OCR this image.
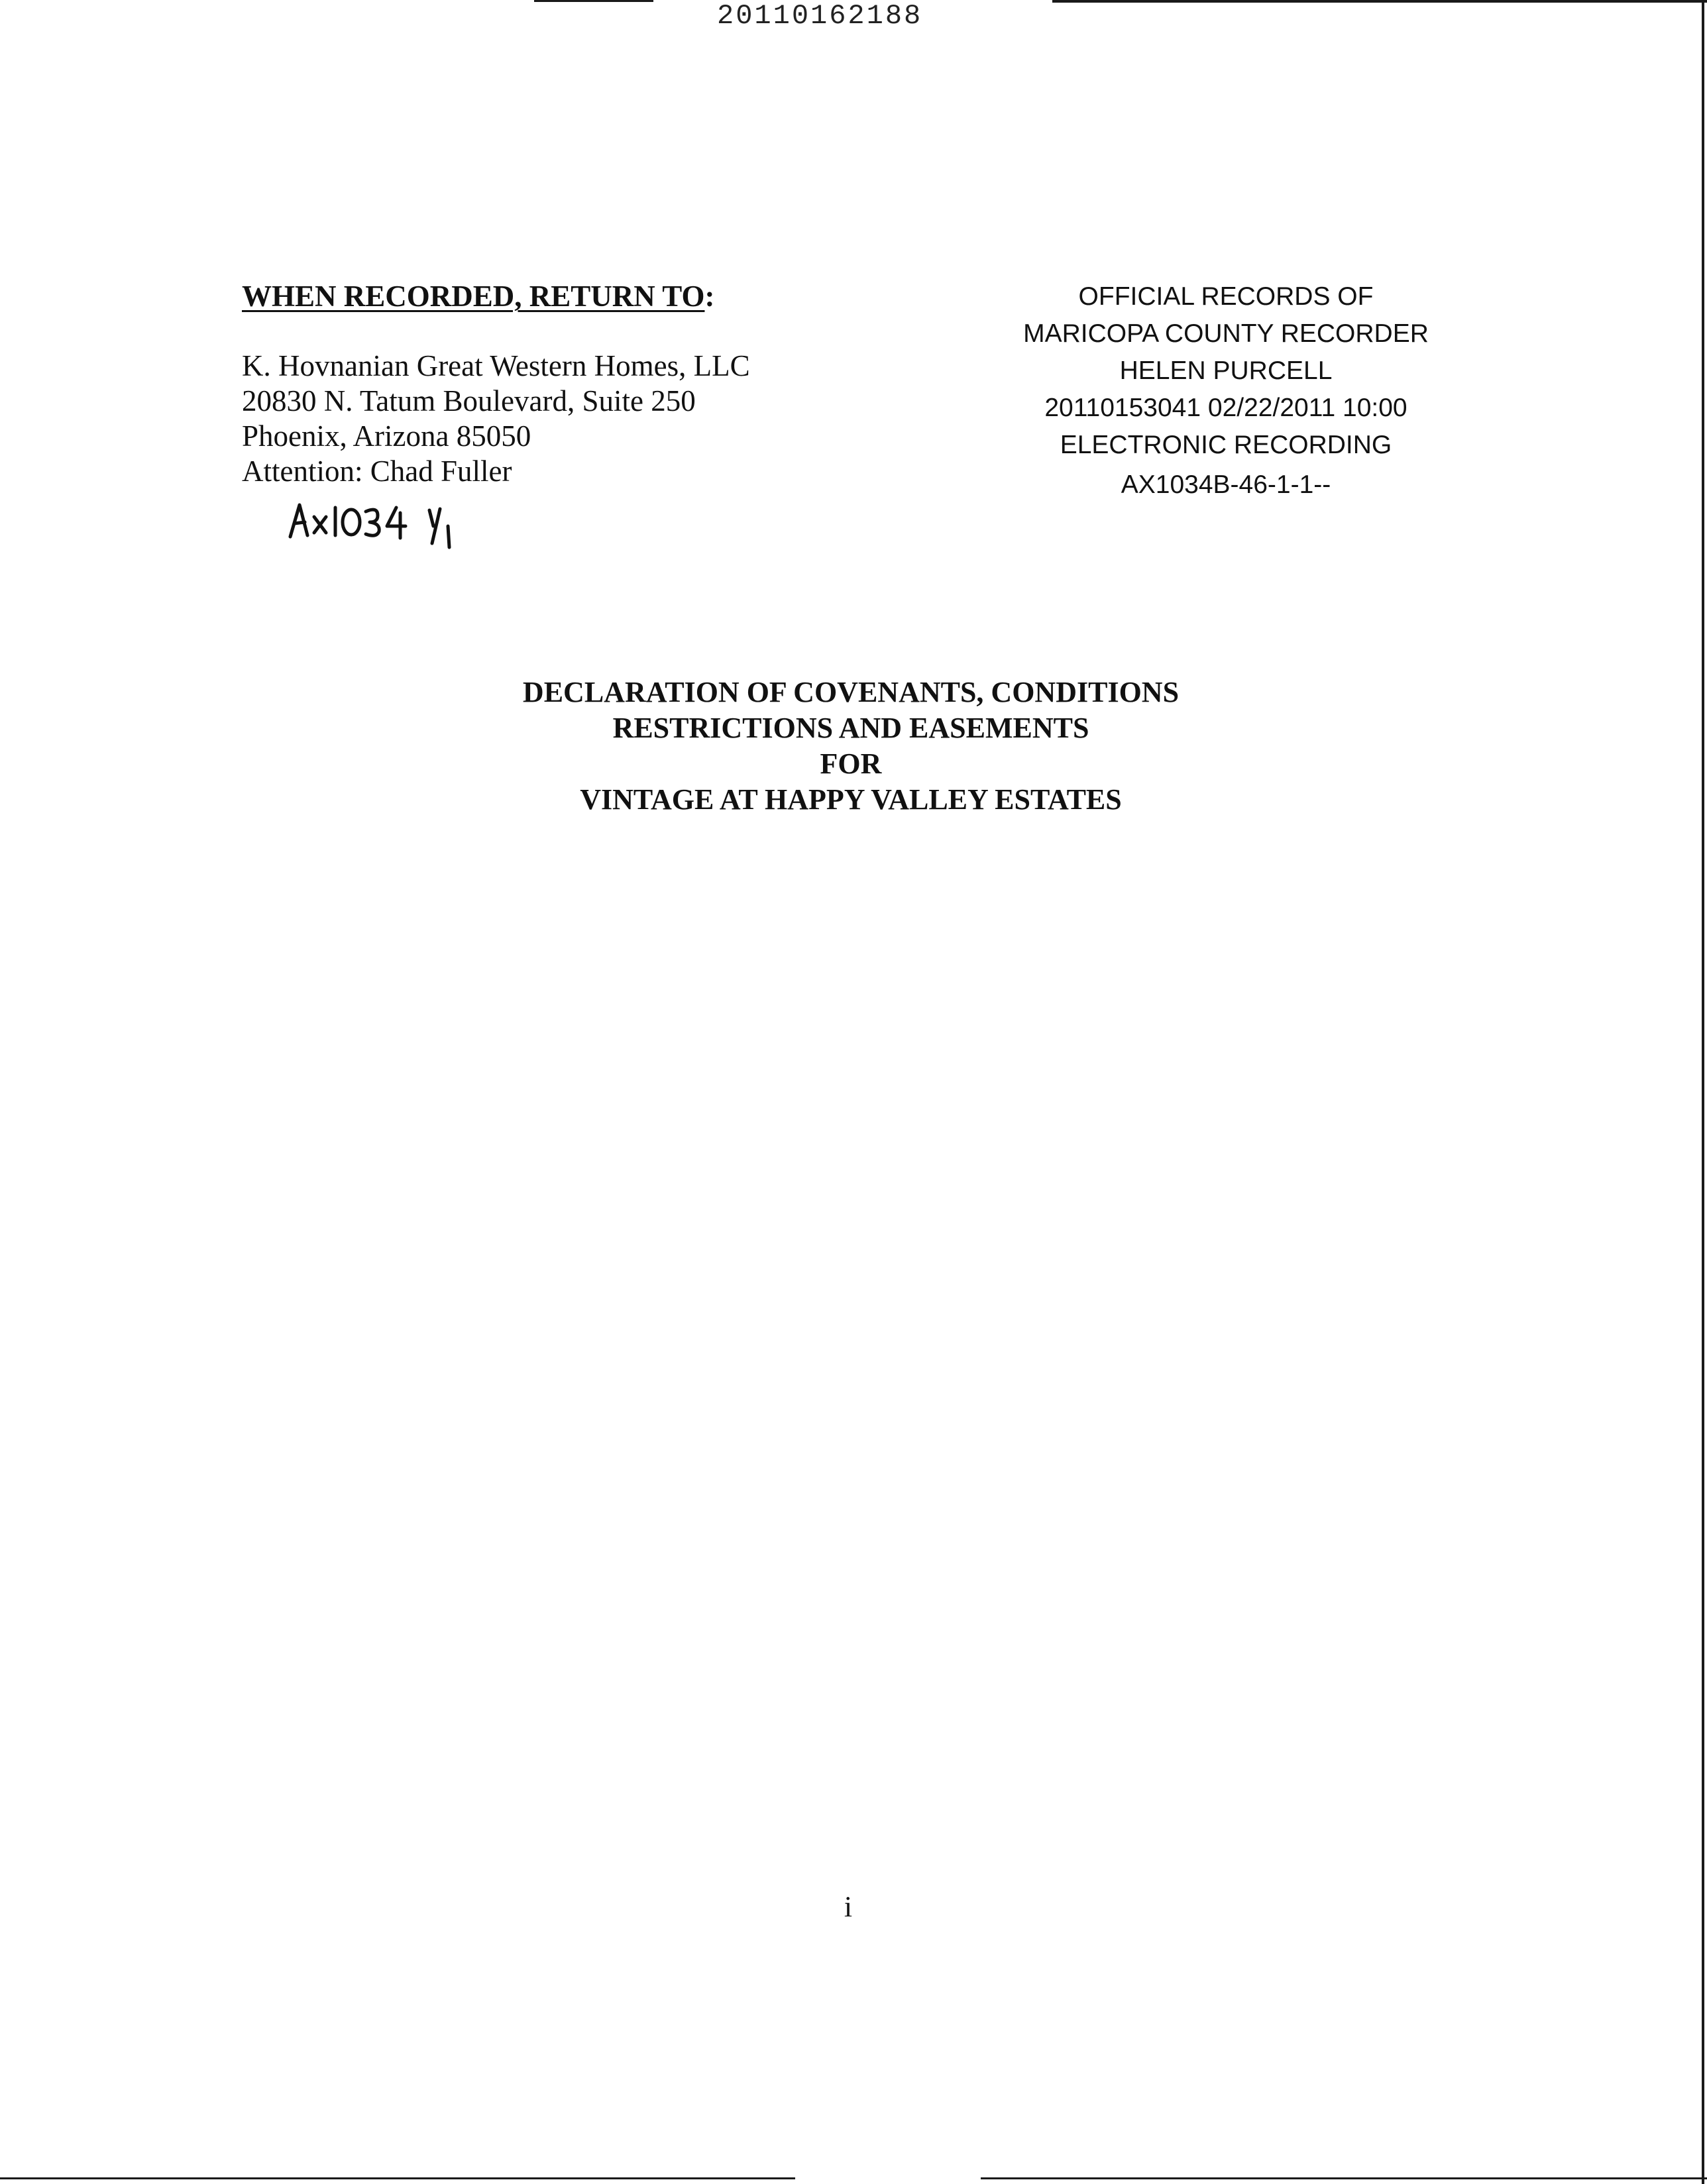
20110162188

WHEN RECORDED, RETURN TO:

K. Hovnanian Great Western Homes, LLC

20830 N. Tatum Boulevard, Suite 250

Phoenix, Arizona 85050

Attention: Chad Fuller

OFFICIAL RECORDS OF

MARICOPA COUNTY RECORDER

HELEN PURCELL

20110153041 02/22/2011 10:00

ELECTRONIC RECORDING

AX1034B-46-1-1--

DECLARATION OF COVENANTS, CONDITIONS

RESTRICTIONS AND EASEMENTS

FOR

VINTAGE AT HAPPY VALLEY ESTATES

i
